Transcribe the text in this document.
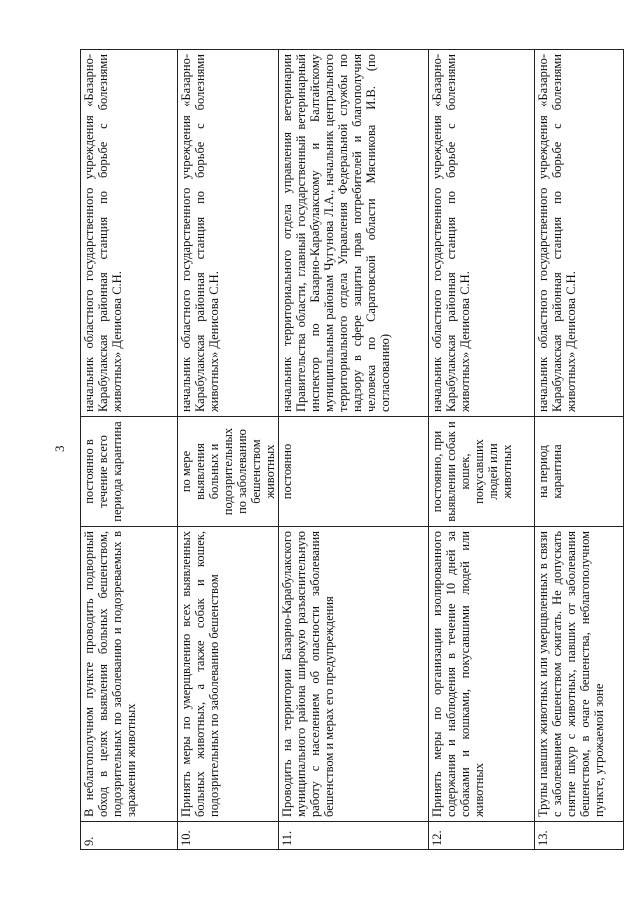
3
9.	В неблагополучном пункте проводить подворный обход в целях выявления больных бешенством, подозрительных по заболеванию и подозреваемых в заражении животных	постоянно в течение всего периода карантина	начальник областного государственного учреждения «Базарно-Карабулакская районная станция по борьбе с болезнями животных» Денисова С.Н.
10.	Принять меры по умерщвлению всех выявленных больных животных, а также собак и кошек, подозрительных по заболеванию бешенством	по мере выявления больных и подозрительных по заболеванию бешенством животных	начальник областного государственного учреждения «Базарно-Карабулакская районная станция по борьбе с болезнями животных» Денисова С.Н.
11.	Проводить на территории Базарно-Карабулакского муниципального района широкую разъяснительную работу с населением об опасности заболевания бешенством и мерах его предупреждения	постоянно	начальник территориального отдела управления ветеринарии Правительства области, главный государственный ветеринарный инспектор по Базарно-Карабулакскому и Балтайскому муниципальным районам Чугунова Л.А., начальник центрального территориального отдела Управления Федеральной службы по надзору в сфере защиты прав потребителей и благополучия человека по Саратовской области Мясникова И.В. (по согласованию)
12.	Принять меры по организации изолированного содержания и наблюдения в течение 10 дней за собаками и кошками, покусавшими людей или животных	постоянно, при выявлении собак и кошек, покусавших людей или животных	начальник областного государственного учреждения «Базарно-Карабулакская районная станция по борьбе с болезнями животных» Денисова С.Н.
13.	Трупы павших животных или умерщвленных в связи с заболеванием бешенством сжигать. Не допускать снятие шкур с животных, павших от заболевания бешенством, в очаге бешенства, неблагополучном пункте, угрожаемой зоне	на период карантина	начальник областного государственного учреждения «Базарно-Карабулакская районная станция по борьбе с болезнями животных» Денисова С.Н.
